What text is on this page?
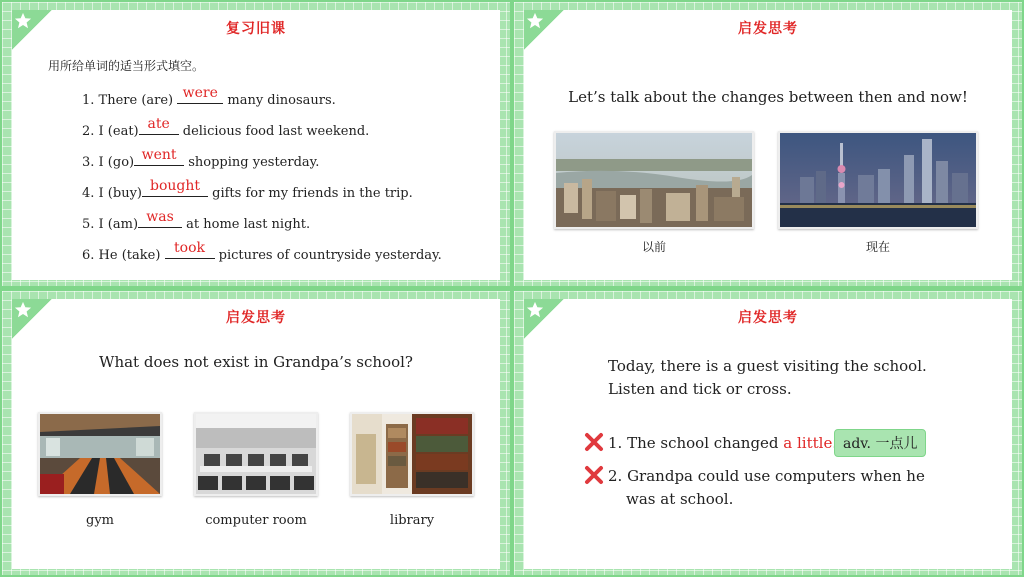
复习旧课
用所给单词的适当形式填空。
1. There (are) were many dinosaurs.
2. I (eat) ate delicious food last weekend.
3. I (go) went shopping yesterday.
4. I (buy) bought gifts for my friends in the trip.
5. I (am) was at home last night.
6. He (take) took pictures of countryside yesterday.
启发思考
Let’s talk about the changes between then and now!
以前	现在
启发思考
What does not exist in Grandpa’s school?
gym	computer room	library
启发思考
Today, there is a guest visiting the school.
Listen and tick or cross.
1. The school changed a little adv. 一点儿
2. Grandpa could use computers when he
was at school.
